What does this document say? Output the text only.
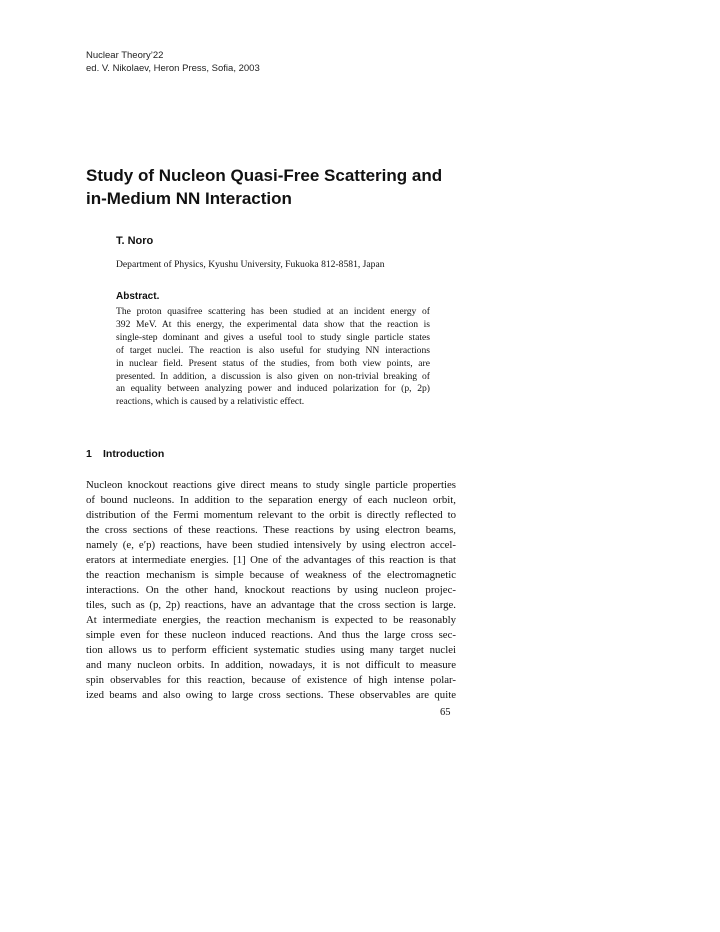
Nuclear Theory’22
ed. V. Nikolaev, Heron Press, Sofia, 2003
Study of Nucleon Quasi-Free Scattering and
in-Medium NN Interaction
T. Noro
Department of Physics, Kyushu University, Fukuoka 812-8581, Japan
Abstract.
The proton quasifree scattering has been studied at an incident energy of
392 MeV. At this energy, the experimental data show that the reaction is
single-step dominant and gives a useful tool to study single particle states
of target nuclei. The reaction is also useful for studying NN interactions
in nuclear field. Present status of the studies, from both view points, are
presented. In addition, a discussion is also given on non-trivial breaking of
an equality between analyzing power and induced polarization for (p, 2p)
reactions, which is caused by a relativistic effect.
1 Introduction
Nucleon knockout reactions give direct means to study single particle properties
of bound nucleons. In addition to the separation energy of each nucleon orbit,
distribution of the Fermi momentum relevant to the orbit is directly reflected to
the cross sections of these reactions. These reactions by using electron beams,
namely (e, e′p) reactions, have been studied intensively by using electron accel-
erators at intermediate energies. [1] One of the advantages of this reaction is that
the reaction mechanism is simple because of weakness of the electromagnetic
interactions. On the other hand, knockout reactions by using nucleon projec-
tiles, such as (p, 2p) reactions, have an advantage that the cross section is large.
At intermediate energies, the reaction mechanism is expected to be reasonably
simple even for these nucleon induced reactions. And thus the large cross sec-
tion allows us to perform efficient systematic studies using many target nuclei
and many nucleon orbits. In addition, nowadays, it is not difficult to measure
spin observables for this reaction, because of existence of high intense polar-
ized beams and also owing to large cross sections. These observables are quite
65
